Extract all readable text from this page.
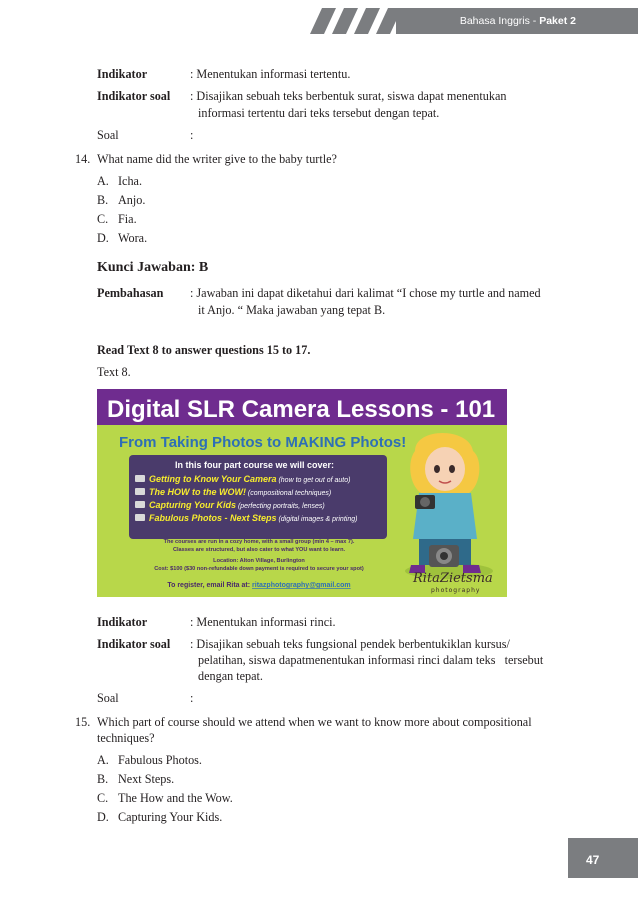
Bahasa Inggris - Paket 2
Indikator	: Menentukan informasi tertentu.
Indikator soal : Disajikan sebuah teks berbentuk surat, siswa dapat menentukan
informasi tertentu dari teks tersebut dengan tepat.
Soal	:
14. What name did the writer give to the baby turtle?
A. Icha.
B. Anjo.
C. Fia.
D. Wora.
Kunci Jawaban: B
Pembahasan : Jawaban ini dapat diketahui dari kalimat “I chose my turtle and named
it Anjo. “ Maka jawaban yang tepat B.
Read Text 8 to answer questions 15 to 17.
Text 8.
Digital SLR Camera Lessons - 101
From Taking Photos to MAKING Photos!
In this four part course we will cover:
Getting to Know Your Camera (how to get out of auto)
The HOW to the WOW! (compositional techniques)
Capturing Your Kids (perfecting portraits, lenses)
Fabulous Photos - Next Steps (digital images & printing)
The courses are run in a cozy home, with a small group (min 4 – max 7).
Classes are structured, but also cater to what YOU want to learn.
Location: Alton Village, Burlington
Cost: $100 ($30 non-refundable down payment is required to secure your spot)
To register, email Rita at: ritazphotography@gmail.com	RitaZietsma
photography
Indikator	: Menentukan informasi rinci.
Indikator soal : Disajikan sebuah teks fungsional pendek berbentukiklan kursus/
pelatihan, siswa dapatmenentukan informasi rinci dalam teks   tersebut
dengan tepat.
Soal	:
15. Which part of course should we attend when we want to know more about compositional
techniques?
A. Fabulous Photos.
B. Next Steps.
C. The How and the Wow.
D. Capturing Your Kids.
47
